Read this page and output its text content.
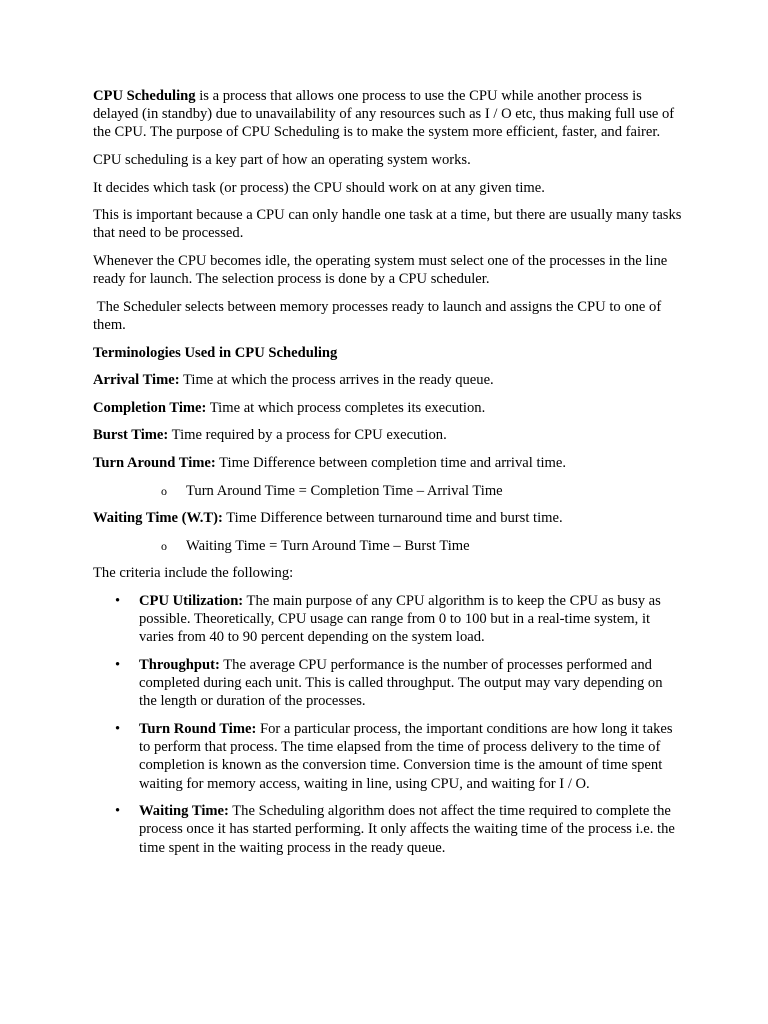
CPU Scheduling is a process that allows one process to use the CPU while another process is delayed (in standby) due to unavailability of any resources such as I / O etc, thus making full use of the CPU. The purpose of CPU Scheduling is to make the system more efficient, faster, and fairer.

CPU scheduling is a key part of how an operating system works.

It decides which task (or process) the CPU should work on at any given time.

This is important because a CPU can only handle one task at a time, but there are usually many tasks that need to be processed.

Whenever the CPU becomes idle, the operating system must select one of the processes in the line ready for launch. The selection process is done by a CPU scheduler.

The Scheduler selects between memory processes ready to launch and assigns the CPU to one of them.

Terminologies Used in CPU Scheduling

Arrival Time: Time at which the process arrives in the ready queue.

Completion Time: Time at which process completes its execution.

Burst Time: Time required by a process for CPU execution.

Turn Around Time: Time Difference between completion time and arrival time.

o	Turn Around Time = Completion Time – Arrival Time

Waiting Time (W.T): Time Difference between turnaround time and burst time.

o	Waiting Time = Turn Around Time – Burst Time

The criteria include the following:

• CPU Utilization: The main purpose of any CPU algorithm is to keep the CPU as busy as possible. Theoretically, CPU usage can range from 0 to 100 but in a real-time system, it varies from 40 to 90 percent depending on the system load.
• Throughput: The average CPU performance is the number of processes performed and completed during each unit. This is called throughput. The output may vary depending on the length or duration of the processes.
• Turn Round Time: For a particular process, the important conditions are how long it takes to perform that process. The time elapsed from the time of process delivery to the time of completion is known as the conversion time. Conversion time is the amount of time spent waiting for memory access, waiting in line, using CPU, and waiting for I / O.
• Waiting Time: The Scheduling algorithm does not affect the time required to complete the process once it has started performing. It only affects the waiting time of the process i.e. the time spent in the waiting process in the ready queue.
